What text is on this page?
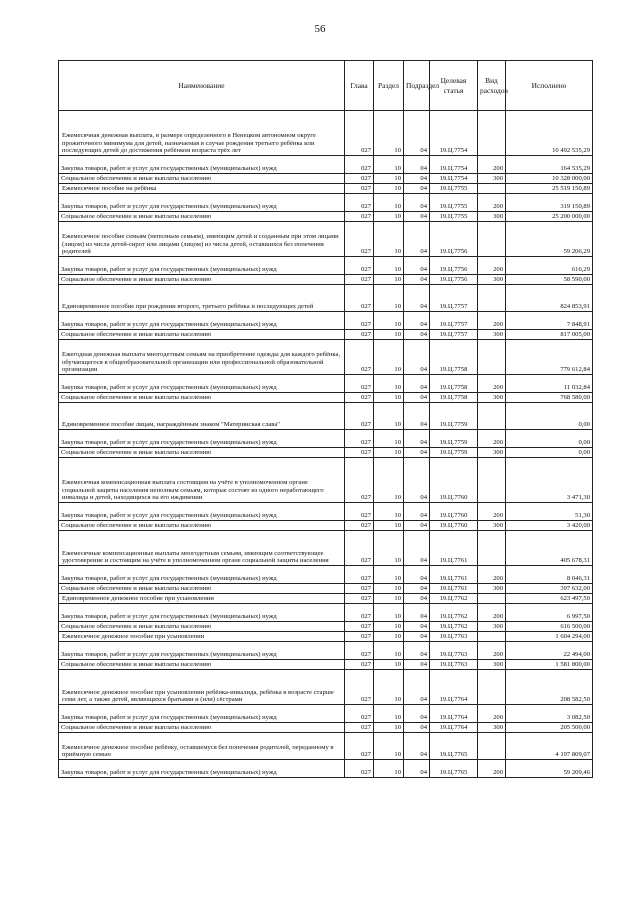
56
Наименование	Глава	Раздел	Подраздел	Целевая статья	Вид расходов	Исполнено
Ежемесячная денежная выплата, в размере определенного в Ненецком автономном округе прожиточного минимума для детей, назначаемая в случае рождения третьего ребёнка или последующих детей до достижения ребёнком возраста трёх лет	027	10	04	19.Ц.7754		10 492 535,29
Закупка товаров, работ и услуг для государственных (муниципальных) нужд	027	10	04	19.Ц.7754	200	164 535,29
Социальное обеспечение и иные выплаты населению	027	10	04	19.Ц.7754	300	10 328 000,00
Ежемесячное пособие на ребёнка	027	10	04	19.Ц.7755		25 519 150,89
Закупка товаров, работ и услуг для государственных (муниципальных) нужд	027	10	04	19.Ц.7755	200	319 150,89
Социальное обеспечение и иные выплаты населению	027	10	04	19.Ц.7755	300	25 200 000,00
Ежемесячное пособие семьям (неполным семьям), имеющим детей и созданным при этом лицами (лицом) из числа детей-сирот или лицами (лицом) из числа детей, оставшихся без попечения родителей	027	10	04	19.Ц.7756		59 206,29
Закупка товаров, работ и услуг для государственных (муниципальных) нужд	027	10	04	19.Ц.7756	200	616,29
Социальное обеспечение и иные выплаты населению	027	10	04	19.Ц.7756	300	58 590,00
Единовременное пособие при рождении второго, третьего ребёнка и последующих детей	027	10	04	19.Ц.7757		824 853,91
Закупка товаров, работ и услуг для государственных (муниципальных) нужд	027	10	04	19.Ц.7757	200	7 848,91
Социальное обеспечение и иные выплаты населению	027	10	04	19.Ц.7757	300	817 005,00
Ежегодная денежная выплата многодетным семьям на приобретение одежды для каждого ребёнка, обучающегося в общеобразовательной организации или профессиональной образовательной организации	027	10	04	19.Ц.7758		779 612,84
Закупка товаров, работ и услуг для государственных (муниципальных) нужд	027	10	04	19.Ц.7758	200	11 032,84
Социальное обеспечение и иные выплаты населению	027	10	04	19.Ц.7758	300	768 580,00
Единовременное пособие лицам, награждённым знаком "Материнская слава"	027	10	04	19.Ц.7759		0,00
Закупка товаров, работ и услуг для государственных (муниципальных) нужд	027	10	04	19.Ц.7759	200	0,00
Социальное обеспечение и иные выплаты населению	027	10	04	19.Ц.7759	300	0,00
Ежемесячная компенсационная выплата состоящим на учёте в уполномоченном органе социальной защиты населения неполным семьям, которые состоят из одного неработающего инвалида и детей, находящихся на его иждивении	027	10	04	19.Ц.7760		3 471,30
Закупка товаров, работ и услуг для государственных (муниципальных) нужд	027	10	04	19.Ц.7760	200	51,30
Социальное обеспечение и иные выплаты населению	027	10	04	19.Ц.7760	300	3 420,00
Ежемесячные компенсационные выплаты многодетным семьям, имеющим соответствующее удостоверение и состоящим на учёте в уполномоченном органе социальной защиты населения	027	10	04	19.Ц.7761		405 678,31
Закупка товаров, работ и услуг для государственных (муниципальных) нужд	027	10	04	19.Ц.7761	200	8 046,31
Социальное обеспечение и иные выплаты населению	027	10	04	19.Ц.7761	300	397 632,00
Единовременное денежное пособие при усыновлении	027	10	04	19.Ц.7762		623 497,50
Закупка товаров, работ и услуг для государственных (муниципальных) нужд	027	10	04	19.Ц.7762	200	6 997,50
Социальное обеспечение и иные выплаты населению	027	10	04	19.Ц.7762	300	616 500,00
Ежемесячное денежное пособие при усыновлении	027	10	04	19.Ц.7763		1 604 294,00
Закупка товаров, работ и услуг для государственных (муниципальных) нужд	027	10	04	19.Ц.7763	200	22 494,00
Социальное обеспечение и иные выплаты населению	027	10	04	19.Ц.7763	300	1 581 800,00
Ежемесячное денежное пособие при усыновлении ребёнка-инвалида, ребёнка в возрасте старше семи лет, а также детей, являющихся братьями и (или) сёстрами	027	10	04	19.Ц.7764		208 582,50
Закупка товаров, работ и услуг для государственных (муниципальных) нужд	027	10	04	19.Ц.7764	200	3 082,50
Социальное обеспечение и иные выплаты населению	027	10	04	19.Ц.7764	300	205 500,00
Ежемесячное денежное пособие ребёнку, оставшемуся без попечения родителей, переданному в приёмную семью	027	10	04	19.Ц.7765		4 197 809,07
Закупка товаров, работ и услуг для государственных (муниципальных) нужд	027	10	04	19.Ц.7765	200	59 209,46
